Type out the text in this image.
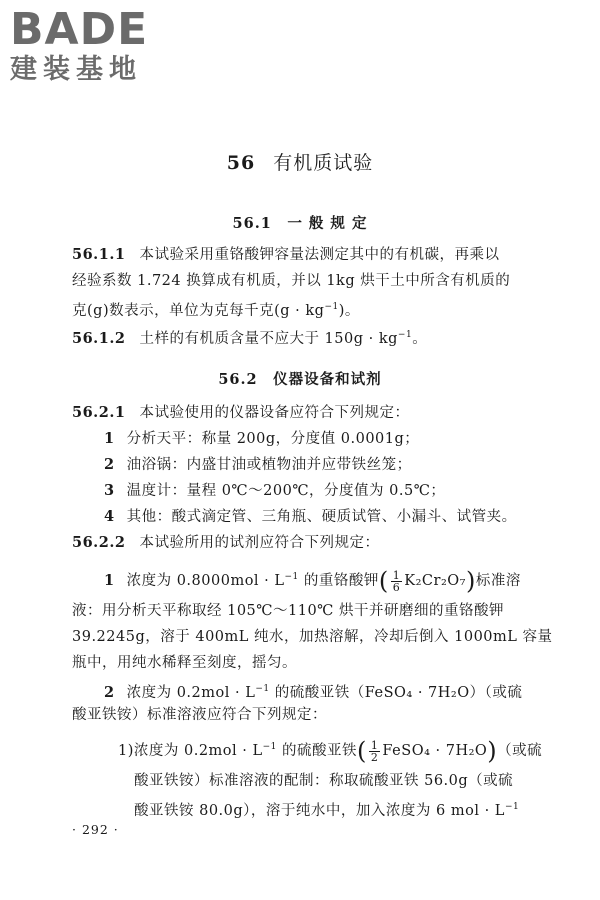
BADE
建装基地
56 有机质试验
56.1　一 般 规 定
56.1.1 本试验采用重铬酸钾容量法测定其中的有机碳，再乘以
经验系数 1.724 换算成有机质，并以 1kg 烘干土中所含有机质的
克(g)数表示，单位为克每千克$(g \cdot kg^{-1})$。
56.1.2 土样的有机质含量不应大于 $150g \cdot kg^{-1}$。
56.2　仪器设备和试剂
56.2.1 本试验使用的仪器设备应符合下列规定：
1 分析天平：称量 200g，分度值 0.0001g；
2 油浴锅：内盛甘油或植物油并应带铁丝笼；
3 温度计：量程 0℃～200℃，分度值为 0.5℃；
4 其他：酸式滴定管、三角瓶、硬质试管、小漏斗、试管夹。
56.2.2 本试验所用的试剂应符合下列规定：
1 浓度为 $0.8000mol \cdot L^{-1}$ 的重铬酸钾( $\frac{1}{6} K_2Cr_2O_7$)标准溶
液：用分析天平称取经 105℃～110℃ 烘干并研磨细的重铬酸钾
39.2245g，溶于 400mL 纯水，加热溶解，冷却后倒入 1000mL 容量
瓶中，用纯水稀释至刻度，摇匀。
2 浓度为 $0.2mol \cdot L^{-1}$ 的硫酸亚铁（FeSO₄ · 7H₂O）（或硫
酸亚铁铵）标准溶液应符合下列规定：
1)浓度为 $0.2mol \cdot L^{-1}$ 的硫酸亚铁( $\frac{1}{2}$ FeSO₄ · 7H₂O)（或硫
酸亚铁铵）标准溶液的配制：称取硫酸亚铁 56.0g（或硫
酸亚铁铵 80.0g），溶于纯水中，加入浓度为 6 mol · $L^{-1}$
· 292 ·
